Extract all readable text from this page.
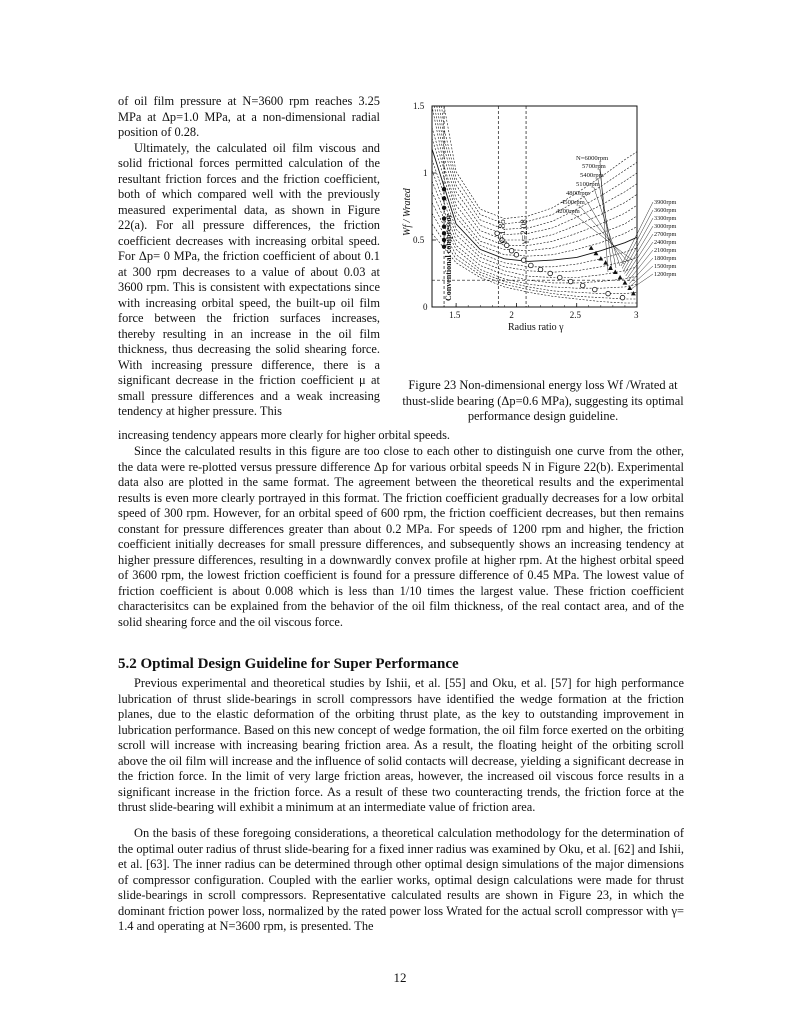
of oil film pressure at N=3600 rpm reaches 3.25 MPa at Δp=1.0 MPa, at a non-dimensional radial position of 0.28.
Ultimately, the calculated oil film viscous and solid frictional forces permitted calculation of the resultant friction forces and the friction coefficient, both of which compared well with the previously measured experimental data, as shown in Figure 22(a). For all pressure differences, the friction coefficient decreases with increasing orbital speed. For Δp= 0 MPa, the friction coefficient of about 0.1 at 300 rpm decreases to a value of about 0.03 at 3600 rpm. This is consistent with expectations since with increasing orbital speed, the built-up oil film force between the friction surfaces increases, thereby resulting in an increase in the oil film thickness, thus decreasing the solid shearing force. With increasing pressure difference, there is a significant decrease in the friction coefficient μ at small pressure differences and a weak increasing tendency at higher pressure. This
increasing tendency appears more clearly for higher orbital speeds.
1.5	2	2.5	3
0
0.5
1
1.5
N=6000rpm
5700rpm
5400rpm
5100rpm
4800rpm
4500rpm
4200rpm
3900rpm
3600rpm
3300rpm
3000rpm
2700rpm
2400rpm
2100rpm
1800rpm
1500rpm
1200rpm
Wf / Wrated
Radius ratio γ
Conventional compressor	γ=1.85 γ=2.08
Figure 23 Non-dimensional energy loss Wf /Wrated at thust-slide bearing (Δp=0.6 MPa), suggesting its optimal performance design guideline.
Since the calculated results in this figure are too close to each other to distinguish one curve from the other, the data were re-plotted versus pressure difference Δp for various orbital speeds N in Figure 22(b). Experimental data also are plotted in the same format. The agreement between the theoretical results and the experimental results is even more clearly portrayed in this format. The friction coefficient gradually decreases for a low orbital speed of 300 rpm. However, for an orbital speed of 600 rpm, the friction coefficient decreases, but then remains constant for pressure differences greater than about 0.2 MPa. For speeds of 1200 rpm and higher, the friction coefficient initially decreases for small pressure differences, and subsequently shows an increasing tendency at higher pressure differences, resulting in a downwardly convex profile at higher rpm. At the highest orbital speed of 3600 rpm, the lowest friction coefficient is found for a pressure difference of 0.45 MPa. The lowest value of friction coefficient is about 0.008 which is less than 1/10 times the largest value. These friction coefficient characterisitcs can be explained from the behavior of the oil film thickness, of the real contact area, and of the solid shearing force and the oil viscous force.
5.2 Optimal Design Guideline for Super Performance
Previous experimental and theoretical studies by Ishii, et al. [55] and Oku, et al. [57] for high performance lubrication of thrust slide-bearings in scroll compressors have identified the wedge formation at the friction planes, due to the elastic deformation of the orbiting thrust plate, as the key to outstanding improvement in lubrication performance. Based on this new concept of wedge formation, the oil film force exerted on the orbiting scroll will increase with increasing bearing friction area. As a result, the floating height of the orbiting scroll above the oil film will increase and the influence of solid contacts will decrease, yielding a significant decrease in the friction force. In the limit of very large friction areas, however, the increased oil viscous force results in a significant increase in the friction force. As a result of these two counteracting trends, the friction force at the thrust slide-bearing will exhibit a minimum at an intermediate value of friction area.
On the basis of these foregoing considerations, a theoretical calculation methodology for the determination of the optimal outer radius of thrust slide-bearing for a fixed inner radius was examined by Oku, et al. [62] and Ishii, et al. [63]. The inner radius can be determined through other optimal design simulations of the major dimensions of compressor configuration. Coupled with the earlier works, optimal design calculations were made for thrust slide-bearings in scroll compressors. Representative calculated results are shown in Figure 23, in which the dominant friction power loss, normalized by the rated power loss Wrated for the actual scroll compressor with γ= 1.4 and operating at N=3600 rpm, is presented. The
12
